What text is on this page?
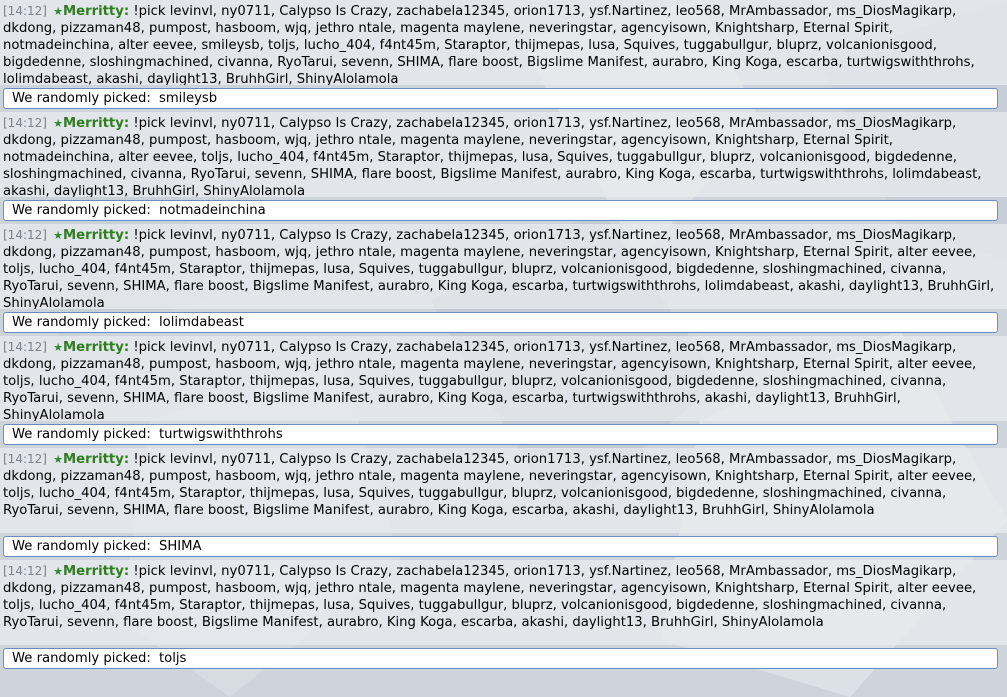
[14:12] ★Merritty: !pick levinvl, ny0711, Calypso Is Crazy, zachabela12345, orion1713, ysf.Nartinez, leo568, MrAmbassador, ms_DiosMagikarp, dkdong, pizzaman48, pumpost, hasboom, wjq, jethro ntale, magenta maylene, neveringstar, agencyisown, Knightsharp, Eternal Spirit, notmadeinchina, alter eevee, smileysb, toljs, lucho_404, f4nt45m, Staraptor, thijmepas, lusa, Squives, tuggabullgur, bluprz, volcanionisgood, bigdedenne, sloshingmachined, civanna, RyoTarui, sevenn, SHIMA, flare boost, Bigslime Manifest, aurabro, King Koga, escarba, turtwigswiththrohs, lolimdabeast, akashi, daylight13, BruhhGirl, ShinyAlolamola
We randomly picked: smileysb
[14:12] ★Merritty: !pick levinvl, ny0711, Calypso Is Crazy, zachabela12345, orion1713, ysf.Nartinez, leo568, MrAmbassador, ms_DiosMagikarp, dkdong, pizzaman48, pumpost, hasboom, wjq, jethro ntale, magenta maylene, neveringstar, agencyisown, Knightsharp, Eternal Spirit, notmadeinchina, alter eevee, toljs, lucho_404, f4nt45m, Staraptor, thijmepas, lusa, Squives, tuggabullgur, bluprz, volcanionisgood, bigdedenne, sloshingmachined, civanna, RyoTarui, sevenn, SHIMA, flare boost, Bigslime Manifest, aurabro, King Koga, escarba, turtwigswiththrohs, lolimdabeast, akashi, daylight13, BruhhGirl, ShinyAlolamola
We randomly picked: notmadeinchina
[14:12] ★Merritty: !pick levinvl, ny0711, Calypso Is Crazy, zachabela12345, orion1713, ysf.Nartinez, leo568, MrAmbassador, ms_DiosMagikarp, dkdong, pizzaman48, pumpost, hasboom, wjq, jethro ntale, magenta maylene, neveringstar, agencyisown, Knightsharp, Eternal Spirit, alter eevee, toljs, lucho_404, f4nt45m, Staraptor, thijmepas, lusa, Squives, tuggabullgur, bluprz, volcanionisgood, bigdedenne, sloshingmachined, civanna, RyoTarui, sevenn, SHIMA, flare boost, Bigslime Manifest, aurabro, King Koga, escarba, turtwigswiththrohs, lolimdabeast, akashi, daylight13, BruhhGirl, ShinyAlolamola
We randomly picked: lolimdabeast
[14:12] ★Merritty: !pick levinvl, ny0711, Calypso Is Crazy, zachabela12345, orion1713, ysf.Nartinez, leo568, MrAmbassador, ms_DiosMagikarp, dkdong, pizzaman48, pumpost, hasboom, wjq, jethro ntale, magenta maylene, neveringstar, agencyisown, Knightsharp, Eternal Spirit, alter eevee, toljs, lucho_404, f4nt45m, Staraptor, thijmepas, lusa, Squives, tuggabullgur, bluprz, volcanionisgood, bigdedenne, sloshingmachined, civanna, RyoTarui, sevenn, SHIMA, flare boost, Bigslime Manifest, aurabro, King Koga, escarba, turtwigswiththrohs, akashi, daylight13, BruhhGirl, ShinyAlolamola
We randomly picked: turtwigswiththrohs
[14:12] ★Merritty: !pick levinvl, ny0711, Calypso Is Crazy, zachabela12345, orion1713, ysf.Nartinez, leo568, MrAmbassador, ms_DiosMagikarp, dkdong, pizzaman48, pumpost, hasboom, wjq, jethro ntale, magenta maylene, neveringstar, agencyisown, Knightsharp, Eternal Spirit, alter eevee, toljs, lucho_404, f4nt45m, Staraptor, thijmepas, lusa, Squives, tuggabullgur, bluprz, volcanionisgood, bigdedenne, sloshingmachined, civanna, RyoTarui, sevenn, SHIMA, flare boost, Bigslime Manifest, aurabro, King Koga, escarba, akashi, daylight13, BruhhGirl, ShinyAlolamola
We randomly picked: SHIMA
[14:12] ★Merritty: !pick levinvl, ny0711, Calypso Is Crazy, zachabela12345, orion1713, ysf.Nartinez, leo568, MrAmbassador, ms_DiosMagikarp, dkdong, pizzaman48, pumpost, hasboom, wjq, jethro ntale, magenta maylene, neveringstar, agencyisown, Knightsharp, Eternal Spirit, alter eevee, toljs, lucho_404, f4nt45m, Staraptor, thijmepas, lusa, Squives, tuggabullgur, bluprz, volcanionisgood, bigdedenne, sloshingmachined, civanna, RyoTarui, sevenn, flare boost, Bigslime Manifest, aurabro, King Koga, escarba, akashi, daylight13, BruhhGirl, ShinyAlolamola
We randomly picked: toljs
